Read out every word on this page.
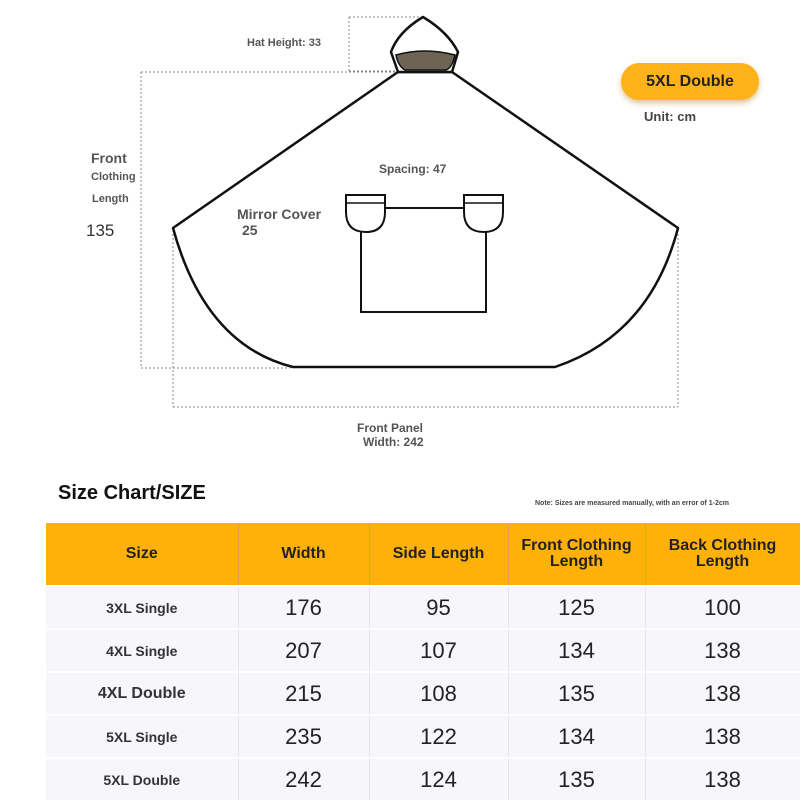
Hat Height: 33
Front
Clothing
Length
135
Spacing: 47
Mirror Cover
25
Front Panel
Width: 242
5XL Double
Unit: cm
Size Chart/SIZE	Note: Sizes are measured manually, with an error of 1-2cm
Size	Width	Side Length	Front Clothing Length	Back Clothing Length
3XL Single	176	95	125	100
4XL Single	207	107	134	138
4XL Double	215	108	135	138
5XL Single	235	122	134	138
5XL Double	242	124	135	138
